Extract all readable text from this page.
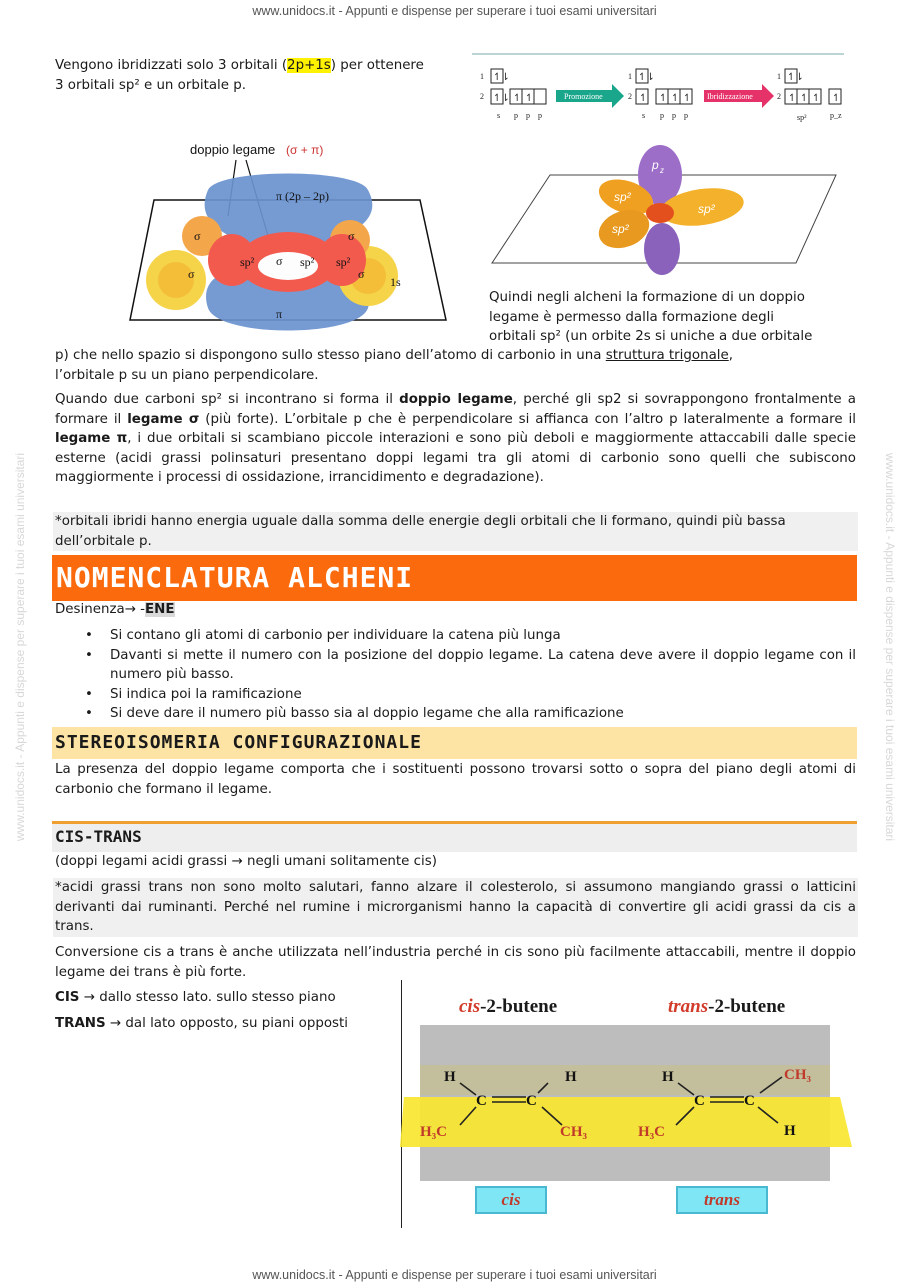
www.unidocs.it - Appunti e dispense per superare i tuoi esami universitari
www.unidocs.it - Appunti e dispense per superare i tuoi esami universitari
www.unidocs.it - Appunti e dispense per superare i tuoi esami universitari	www.unidocs.it - Appunti e dispense per superare i tuoi esami universitari
Vengono ibridizzati solo 3 orbitali (2p+1s) per ottenere
3 orbitali sp² e un orbitale p.
1
2
↿⇂
↿⇂ ↿ ↿
s p p p
Promozione
1
2
↿⇂
↿ ↿ ↿ ↿
s p p p
Ibridizzazione
1
2
↿⇂
↿ ↿ ↿ ↿
sp²	p_z
doppio legame (σ + π)
π (2p – 2p)
σ
σ
sp² σ sp² sp²
σ
σ
1s
π
p z
sp²
sp²
sp²
Quindi negli alcheni la formazione di un doppio
legame è permesso dalla formazione degli
orbitali sp² (un orbite 2s si uniche a due orbitale
p) che nello spazio si dispongono sullo stesso piano dell’atomo di carbonio in una struttura trigonale,
l’orbitale p su un piano perpendicolare.
Quando due carboni sp² si incontrano si forma il doppio legame, perché gli sp2 si sovrappongono frontalmente a formare il legame σ (più forte). L’orbitale p che è perpendicolare si affianca con l’altro p lateralmente a formare il legame π, i due orbitali si scambiano piccole interazioni e sono più deboli e maggiormente attaccabili dalle specie esterne (acidi grassi polinsaturi presentano doppi legami tra gli atomi di carbonio sono quelli che subiscono maggiormente i processi di ossidazione, irrancidimento e degradazione).
*orbitali ibridi hanno energia uguale dalla somma delle energie degli orbitali che li formano, quindi più bassa dell’orbitale p.
NOMENCLATURA ALCHENI
Desinenza→ -ENE
• Si contano gli atomi di carbonio per individuare la catena più lunga
• Davanti si mette il numero con la posizione del doppio legame. La catena deve avere il doppio legame con il numero più basso.
• Si indica poi la ramificazione
• Si deve dare il numero più basso sia al doppio legame che alla ramificazione
STEREOISOMERIA CONFIGURAZIONALE
La presenza del doppio legame comporta che i sostituenti possono trovarsi sotto o sopra del piano degli atomi di carbonio che formano il legame.
CIS-TRANS
(doppi legami acidi grassi → negli umani solitamente cis)
*acidi grassi trans non sono molto salutari, fanno alzare il colesterolo, si assumono mangiando grassi o latticini derivanti dai ruminanti. Perché nel rumine i microrganismi hanno la capacità di convertire gli acidi grassi da cis a trans.
Conversione cis a trans è anche utilizzata nell’industria perché in cis sono più facilmente attaccabili, mentre il doppio legame dei trans è più forte.
CIS → dallo stesso lato. sullo stesso piano
TRANS → dal lato opposto, su piani opposti
cis-2-butene	trans-2-butene
H
C	C
H
H₃C	CH₃
H
C	C
CH₃
H₃C	H
cis	trans
